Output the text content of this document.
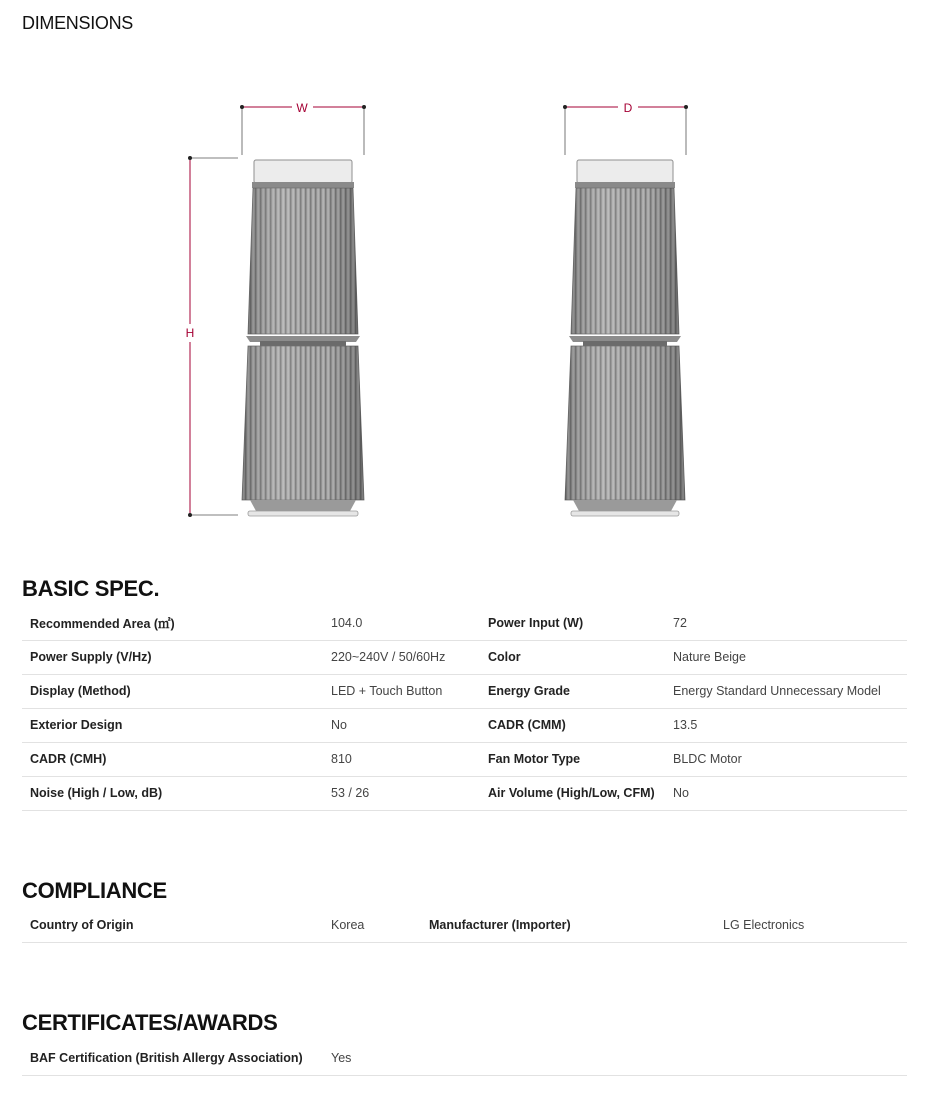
DIMENSIONS
W	D
H
BASIC SPEC.
Recommended Area (㎡)	104.0	Power Input (W)	72
Power Supply (V/Hz)	220~240V / 50/60Hz	Color	Nature Beige
Display (Method)	LED + Touch Button	Energy Grade	Energy Standard Unnecessary Model
Exterior Design	No	CADR (CMM)	13.5
CADR (CMH)	810	Fan Motor Type	BLDC Motor
Noise (High / Low, dB)	53 / 26	Air Volume (High/Low, CFM)	No
COMPLIANCE
Country of Origin	Korea	Manufacturer (Importer)	LG Electronics
CERTIFICATES/AWARDS
BAF Certification (British Allergy Association)	Yes
